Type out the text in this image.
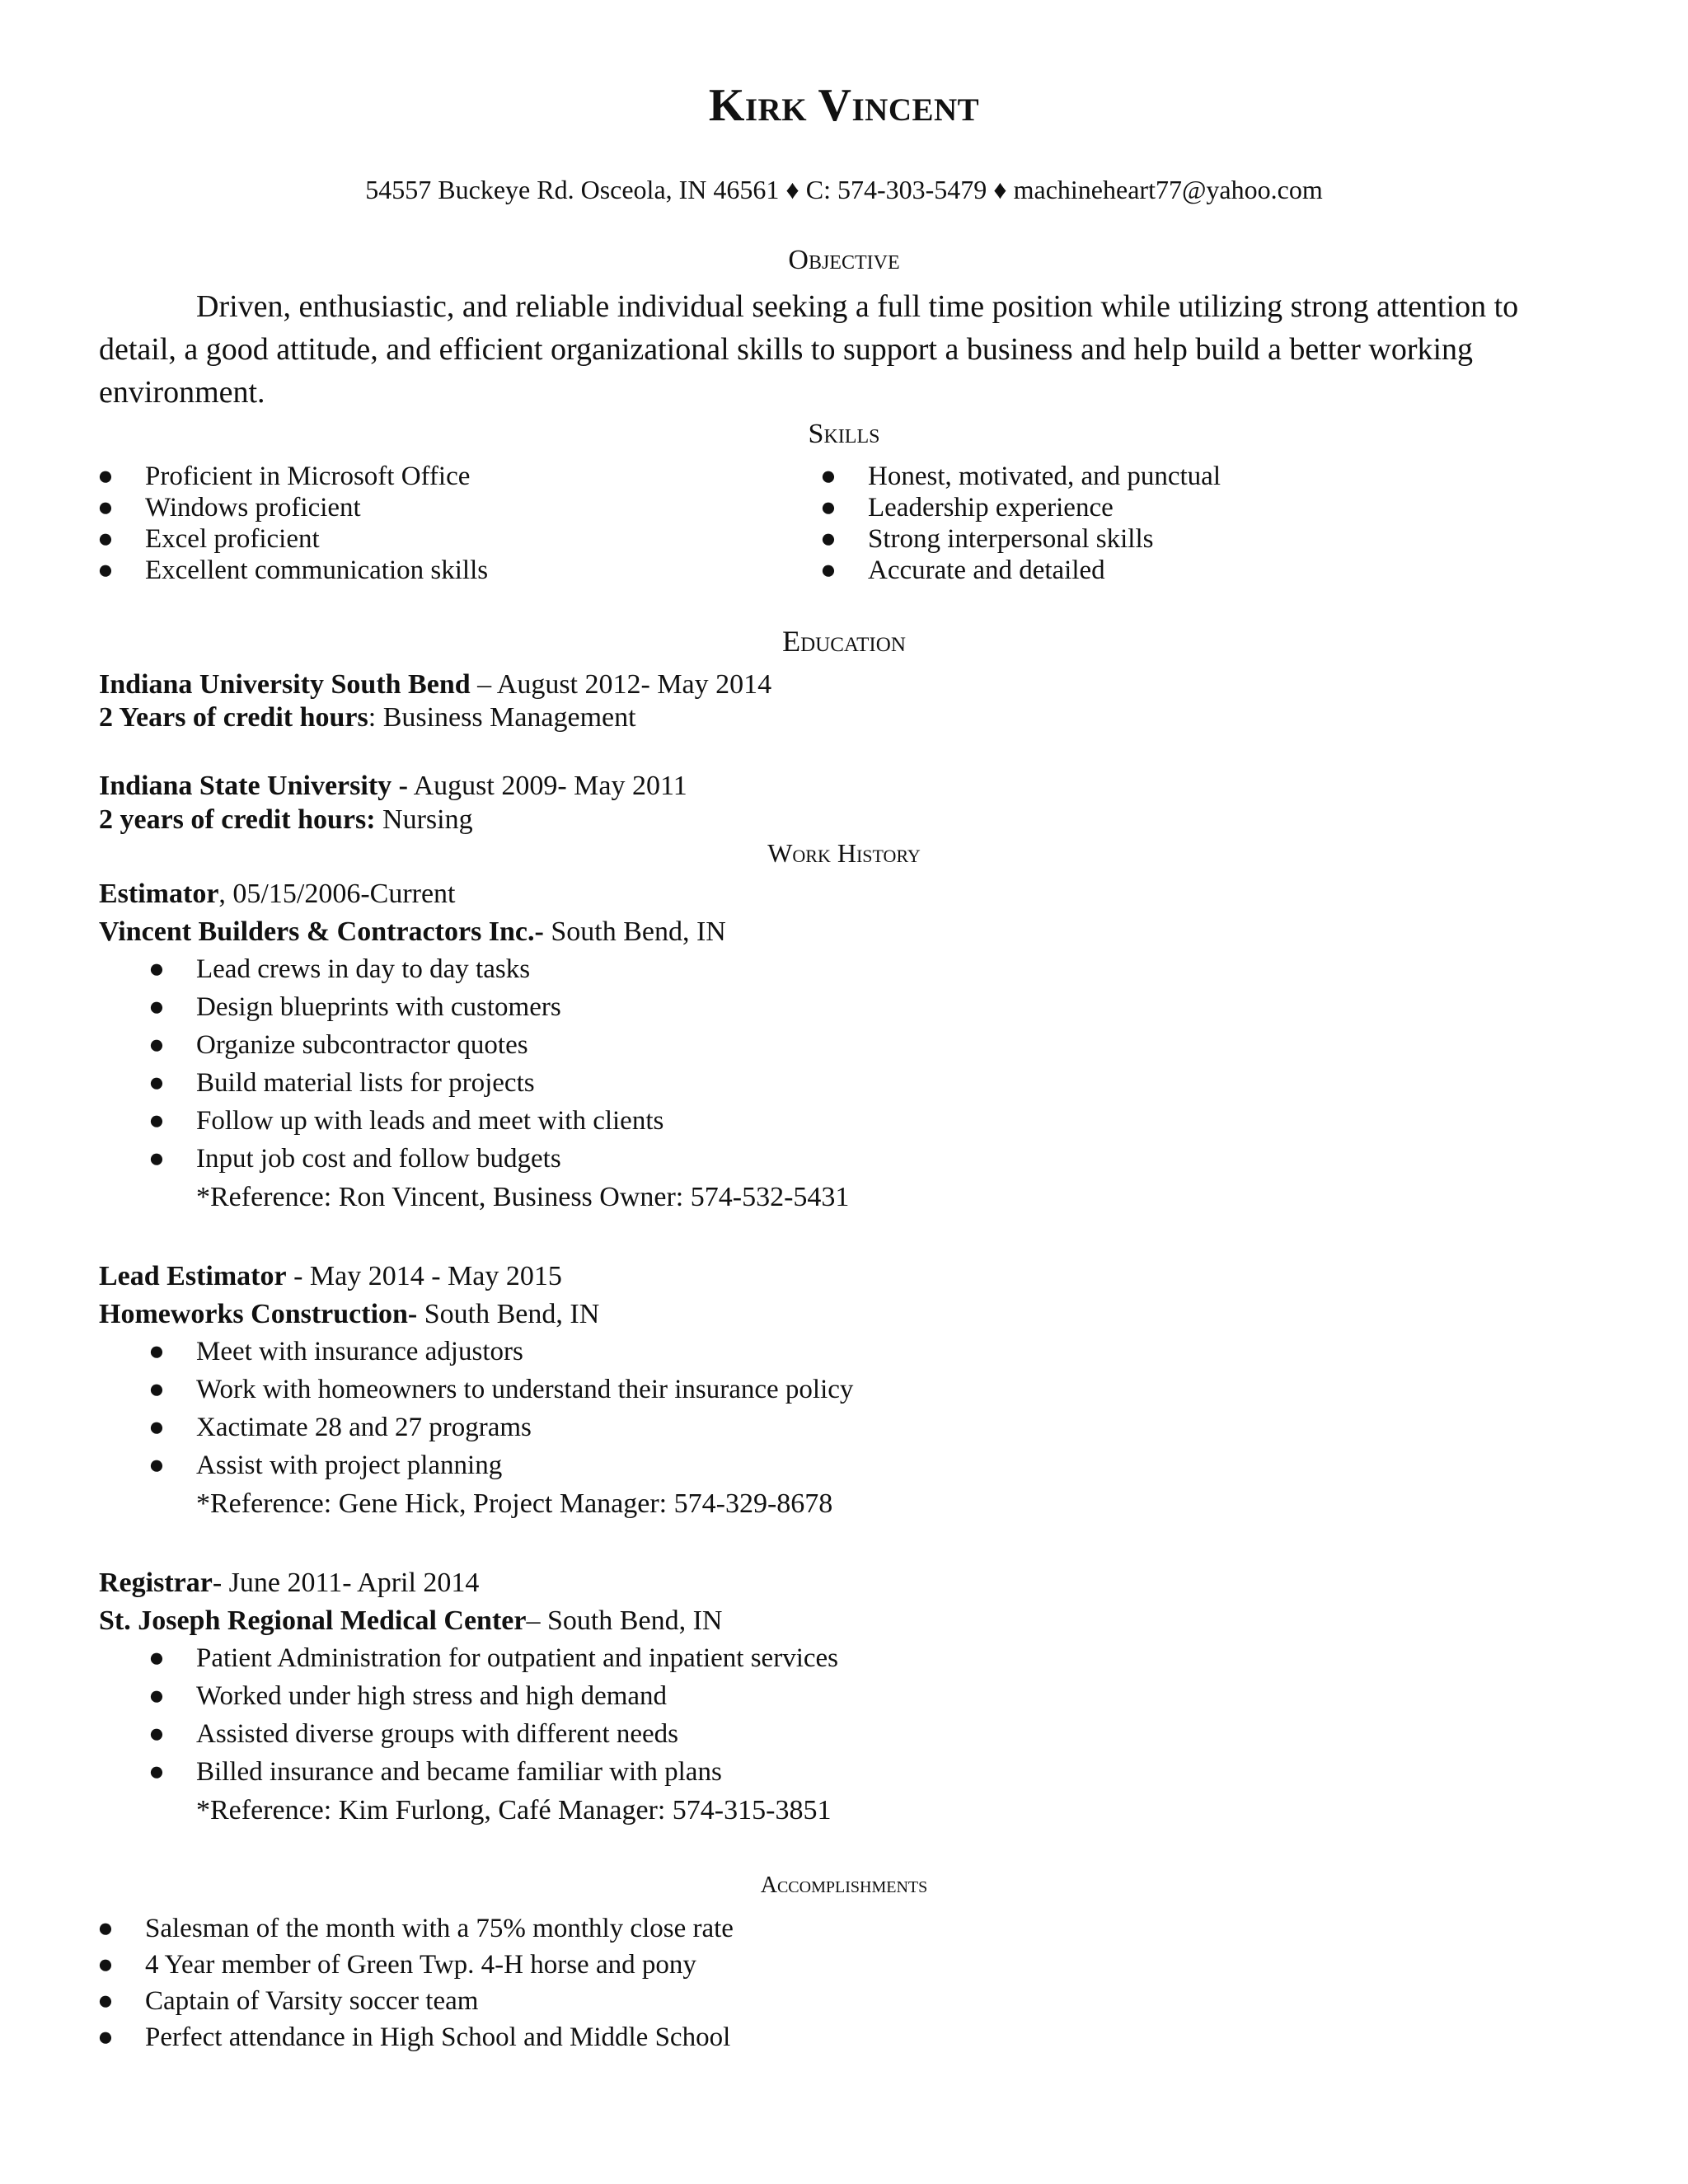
Kirk Vincent
54557 Buckeye Rd. Osceola, IN 46561 ♦ C: 574-303-5479 ♦ machineheart77@yahoo.com
Objective
Driven, enthusiastic, and reliable individual seeking a full time position while utilizing strong attention to
detail, a good attitude, and efficient organizational skills to support a business and help build a better working
environment.
Skills
● Proficient in Microsoft Office
● Windows proficient
● Excel proficient
● Excellent communication skills
● Honest, motivated, and punctual
● Leadership experience
● Strong interpersonal skills
● Accurate and detailed
Education
Indiana University South Bend – August 2012- May 2014
2 Years of credit hours: Business Management
Indiana State University - August 2009- May 2011
2 years of credit hours: Nursing
Work History
Estimator, 05/15/2006-Current
Vincent Builders & Contractors Inc.- South Bend, IN
● Lead crews in day to day tasks
● Design blueprints with customers
● Organize subcontractor quotes
● Build material lists for projects
● Follow up with leads and meet with clients
● Input job cost and follow budgets
*Reference: Ron Vincent, Business Owner: 574-532-5431
Lead Estimator - May 2014 - May 2015
Homeworks Construction- South Bend, IN
● Meet with insurance adjustors
● Work with homeowners to understand their insurance policy
● Xactimate 28 and 27 programs
● Assist with project planning
*Reference: Gene Hick, Project Manager: 574-329-8678
Registrar- June 2011- April 2014
St. Joseph Regional Medical Center– South Bend, IN
● Patient Administration for outpatient and inpatient services
● Worked under high stress and high demand
● Assisted diverse groups with different needs
● Billed insurance and became familiar with plans
*Reference: Kim Furlong, Café Manager: 574-315-3851
Accomplishments
● Salesman of the month with a 75% monthly close rate
● 4 Year member of Green Twp. 4-H horse and pony
● Captain of Varsity soccer team
● Perfect attendance in High School and Middle School
